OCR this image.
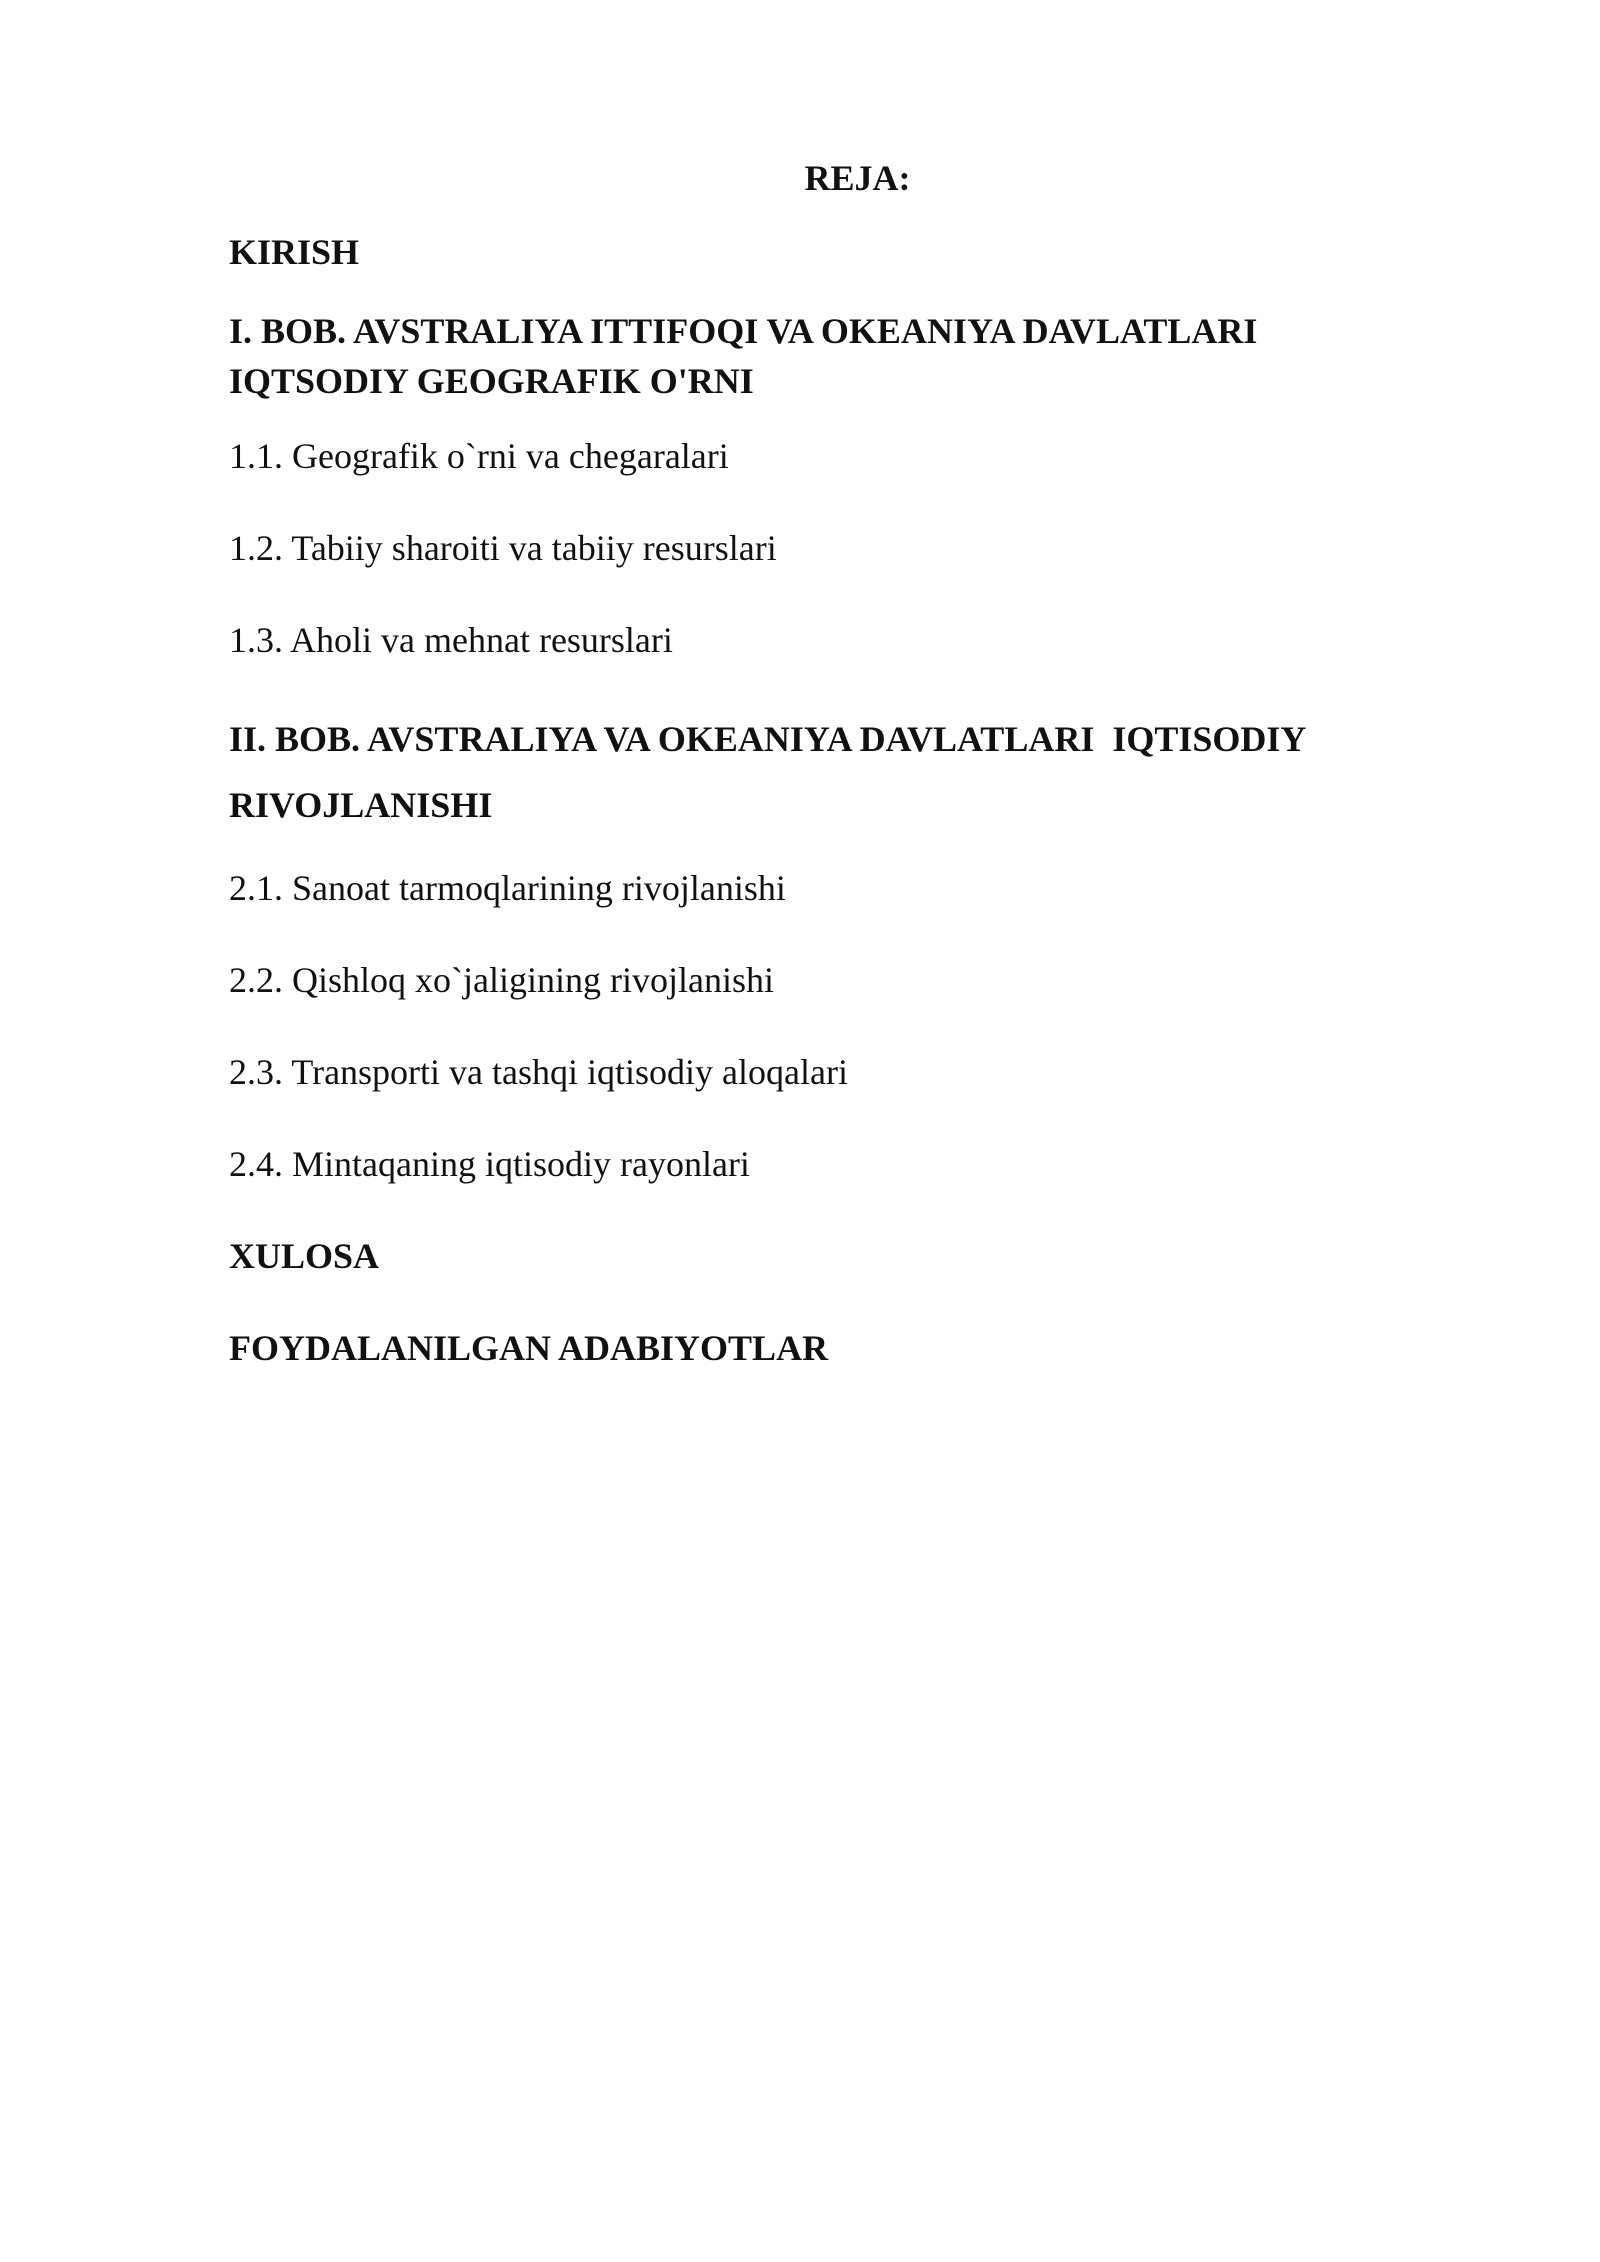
REJA:

KIRISH

I. BOB. AVSTRALIYA ITTIFOQI VA OKEANIYA DAVLATLARI IQTSODIY GEOGRAFIK O'RNI

1.1. Geografik o`rni va chegaralari

1.2. Tabiiy sharoiti va tabiiy resurslari

1.3. Aholi va mehnat resurslari

II. BOB. AVSTRALIYA VA OKEANIYA DAVLATLARI  IQTISODIY RIVOJLANISHI

2.1. Sanoat tarmoqlarining rivojlanishi

2.2. Qishloq xo`jaligining rivojlanishi

2.3. Transporti va tashqi iqtisodiy aloqalari

2.4. Mintaqaning iqtisodiy rayonlari

XULOSA

FOYDALANILGAN ADABIYOTLAR
